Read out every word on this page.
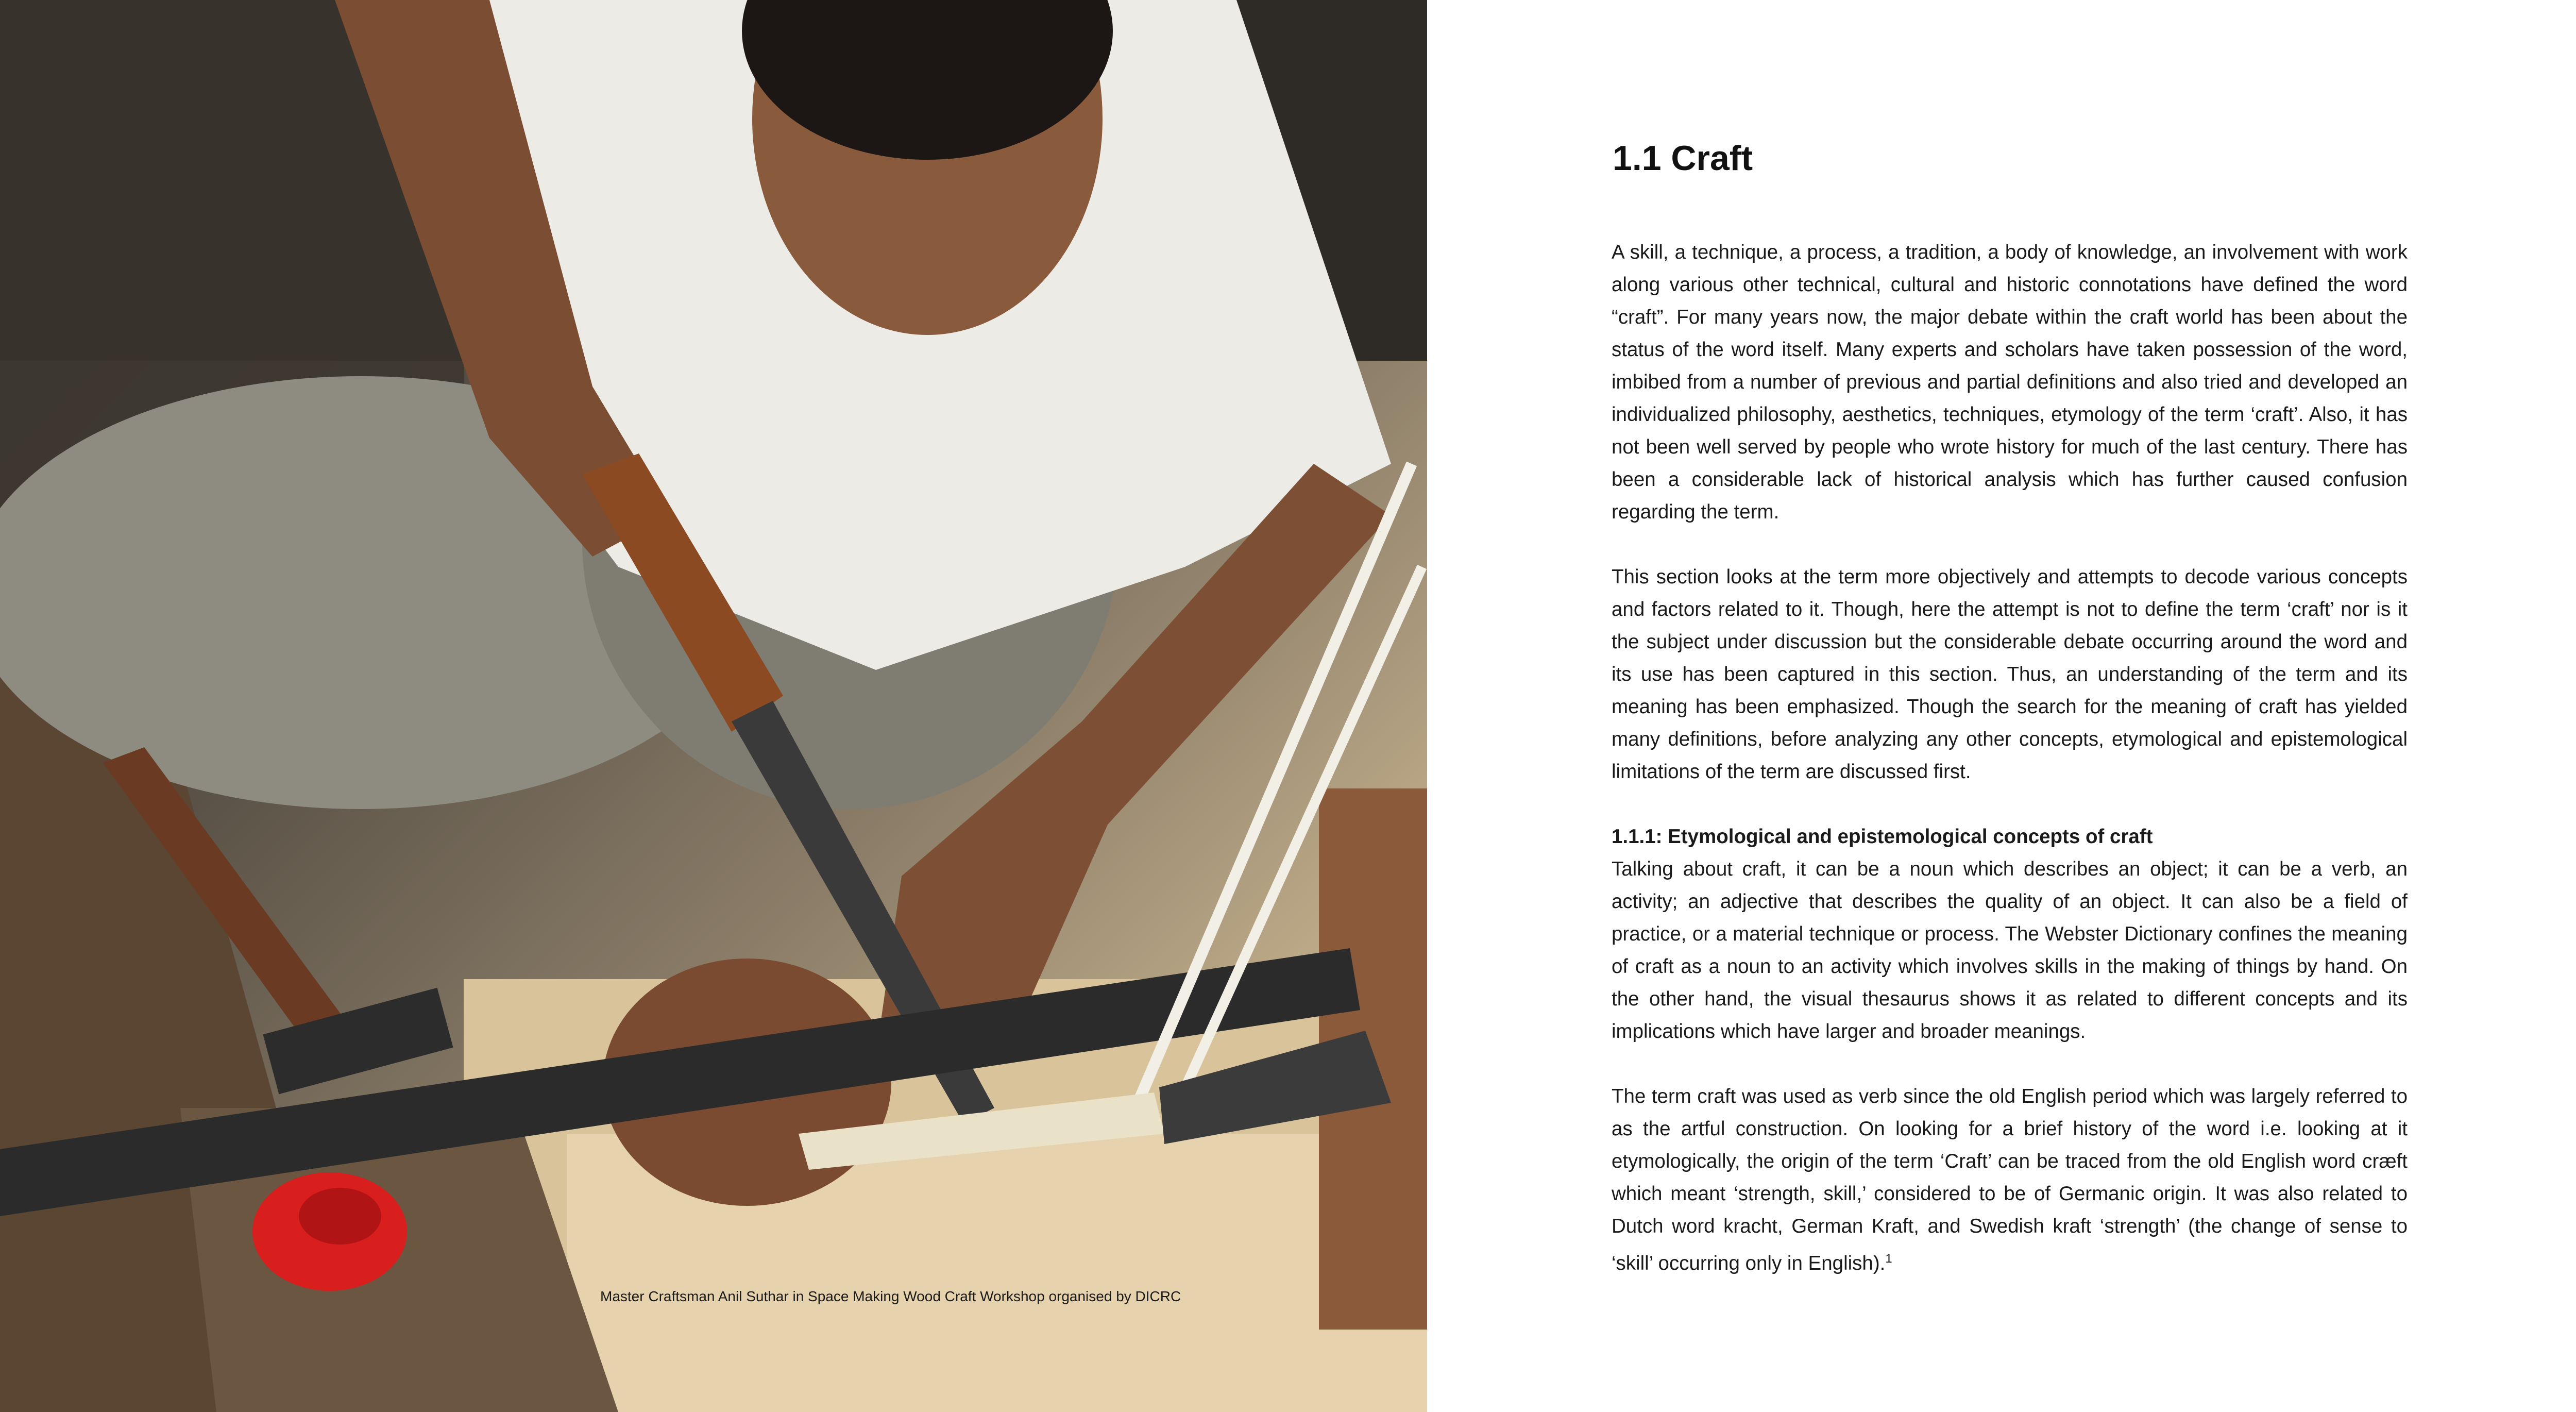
Master Craftsman Anil Suthar in Space Making Wood Craft Workshop organised by DICRC
1.1 Craft

A skill, a technique, a process, a tradition, a body of knowledge, an involvement with work along various other technical, cultural and historic connotations have defined the word “craft”. For many years now, the major debate within the craft world has been about the status of the word itself. Many experts and scholars have taken possession of the word, imbibed from a number of previous and partial definitions and also tried and developed an individualized philosophy, aesthetics, techniques, etymology of the term ‘craft’. Also, it has not been well served by people who wrote history for much of the last century. There has been a considerable lack of historical analysis which has further caused confusion regarding the term.

This section looks at the term more objectively and attempts to decode various concepts and factors related to it. Though, here the attempt is not to define the term ‘craft’ nor is it the subject under discussion but the considerable debate occurring around the word and its use has been captured in this section. Thus, an understanding of the term and its meaning has been emphasized. Though the search for the meaning of craft has yielded many definitions, before analyzing any other concepts, etymological and epistemological limitations of the term are discussed first.

1.1.1: Etymological and epistemological concepts of craft

Talking about craft, it can be a noun which describes an object; it can be a verb, an activity; an adjective that describes the quality of an object. It can also be a field of practice, or a material technique or process. The Webster Dictionary confines the meaning of craft as a noun to an activity which involves skills in the making of things by hand. On the other hand, the visual thesaurus shows it as related to different concepts and its implications which have larger and broader meanings.

The term craft was used as verb since the old English period which was largely referred to as the artful construction. On looking for a brief history of the word i.e. looking at it etymologically, the origin of the term ‘Craft’ can be traced from the old English word cræft which meant ‘strength, skill,’ considered to be of Germanic origin. It was also related to Dutch word kracht, German Kraft, and Swedish kraft ‘strength’ (the change of sense to ‘skill’ occurring only in English).$^1$
